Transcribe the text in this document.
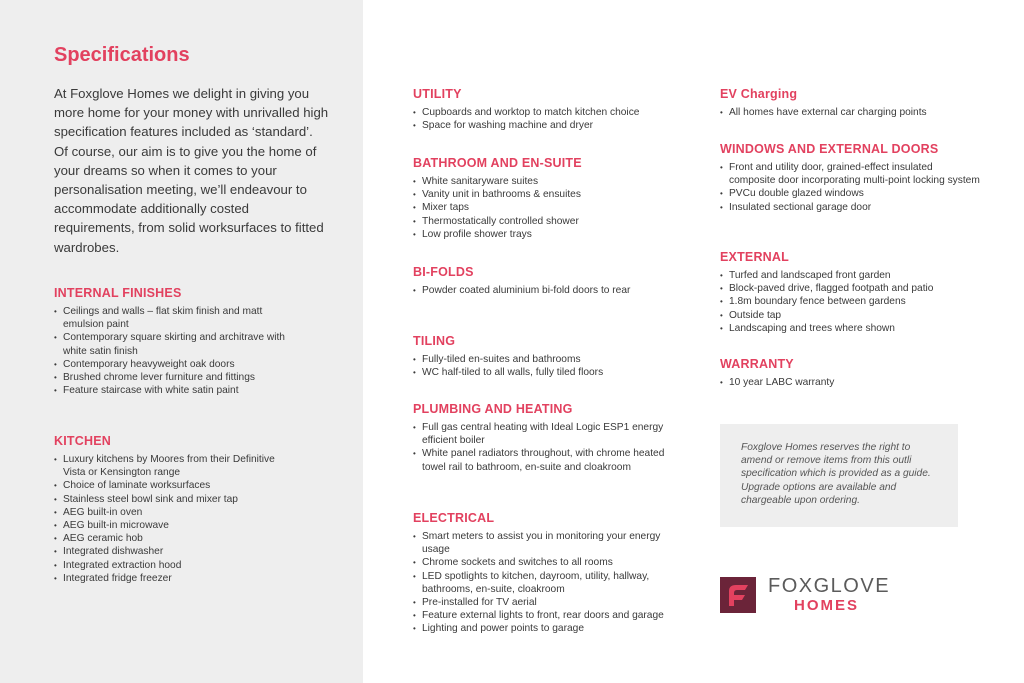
Specifications

At Foxglove Homes we delight in giving you more home for your money with unrivalled high specification features included as ‘standard’. Of course, our aim is to give you the home of your dreams so when it comes to your personalisation meeting, we’ll endeavour to accommodate additionally costed requirements, from solid worksurfaces to fitted wardrobes.

INTERNAL FINISHES
• Ceilings and walls – flat skim finish and matt emulsion paint
• Contemporary square skirting and architrave with white satin finish
• Contemporary heavyweight oak doors
• Brushed chrome lever furniture and fittings
• Feature staircase with white satin paint
KITCHEN
• Luxury kitchens by Moores from their Definitive Vista or Kensington range
• Choice of laminate worksurfaces
• Stainless steel bowl sink and mixer tap
• AEG built-in oven
• AEG built-in microwave
• AEG ceramic hob
• Integrated dishwasher
• Integrated extraction hood
• Integrated fridge freezer
UTILITY
• Cupboards and worktop to match kitchen choice
• Space for washing machine and dryer
BATHROOM AND EN-SUITE
• White sanitaryware suites
• Vanity unit in bathrooms & ensuites
• Mixer taps
• Thermostatically controlled shower
• Low profile shower trays
BI-FOLDS
• Powder coated aluminium bi-fold doors to rear
TILING
• Fully-tiled en-suites and bathrooms
• WC half-tiled to all walls, fully tiled floors
PLUMBING AND HEATING
• Full gas central heating with Ideal Logic ESP1 energy efficient boiler
• White panel radiators throughout, with chrome heated towel rail to bathroom, en-suite and cloakroom
ELECTRICAL
• Smart meters to assist you in monitoring your energy usage
• Chrome sockets and switches to all rooms
• LED spotlights to kitchen, dayroom, utility, hallway, bathrooms, en-suite, cloakroom
• Pre-installed for TV aerial
• Feature external lights to front, rear doors and garage
• Lighting and power points to garage
EV Charging
• All homes have external car charging points
WINDOWS AND EXTERNAL DOORS
• Front and utility door, grained-effect insulated composite door incorporating multi-point locking system
• PVCu double glazed windows
• Insulated sectional garage door
EXTERNAL
• Turfed and landscaped front garden
• Block-paved drive, flagged footpath and patio
• 1.8m boundary fence between gardens
• Outside tap
• Landscaping and trees where shown
WARRANTY
• 10 year LABC warranty

Foxglove Homes reserves the right to amend or remove items from this outli specification which is provided as a guide. Upgrade options are available and chargeable upon ordering.

FOXGLOVE
HOMES
